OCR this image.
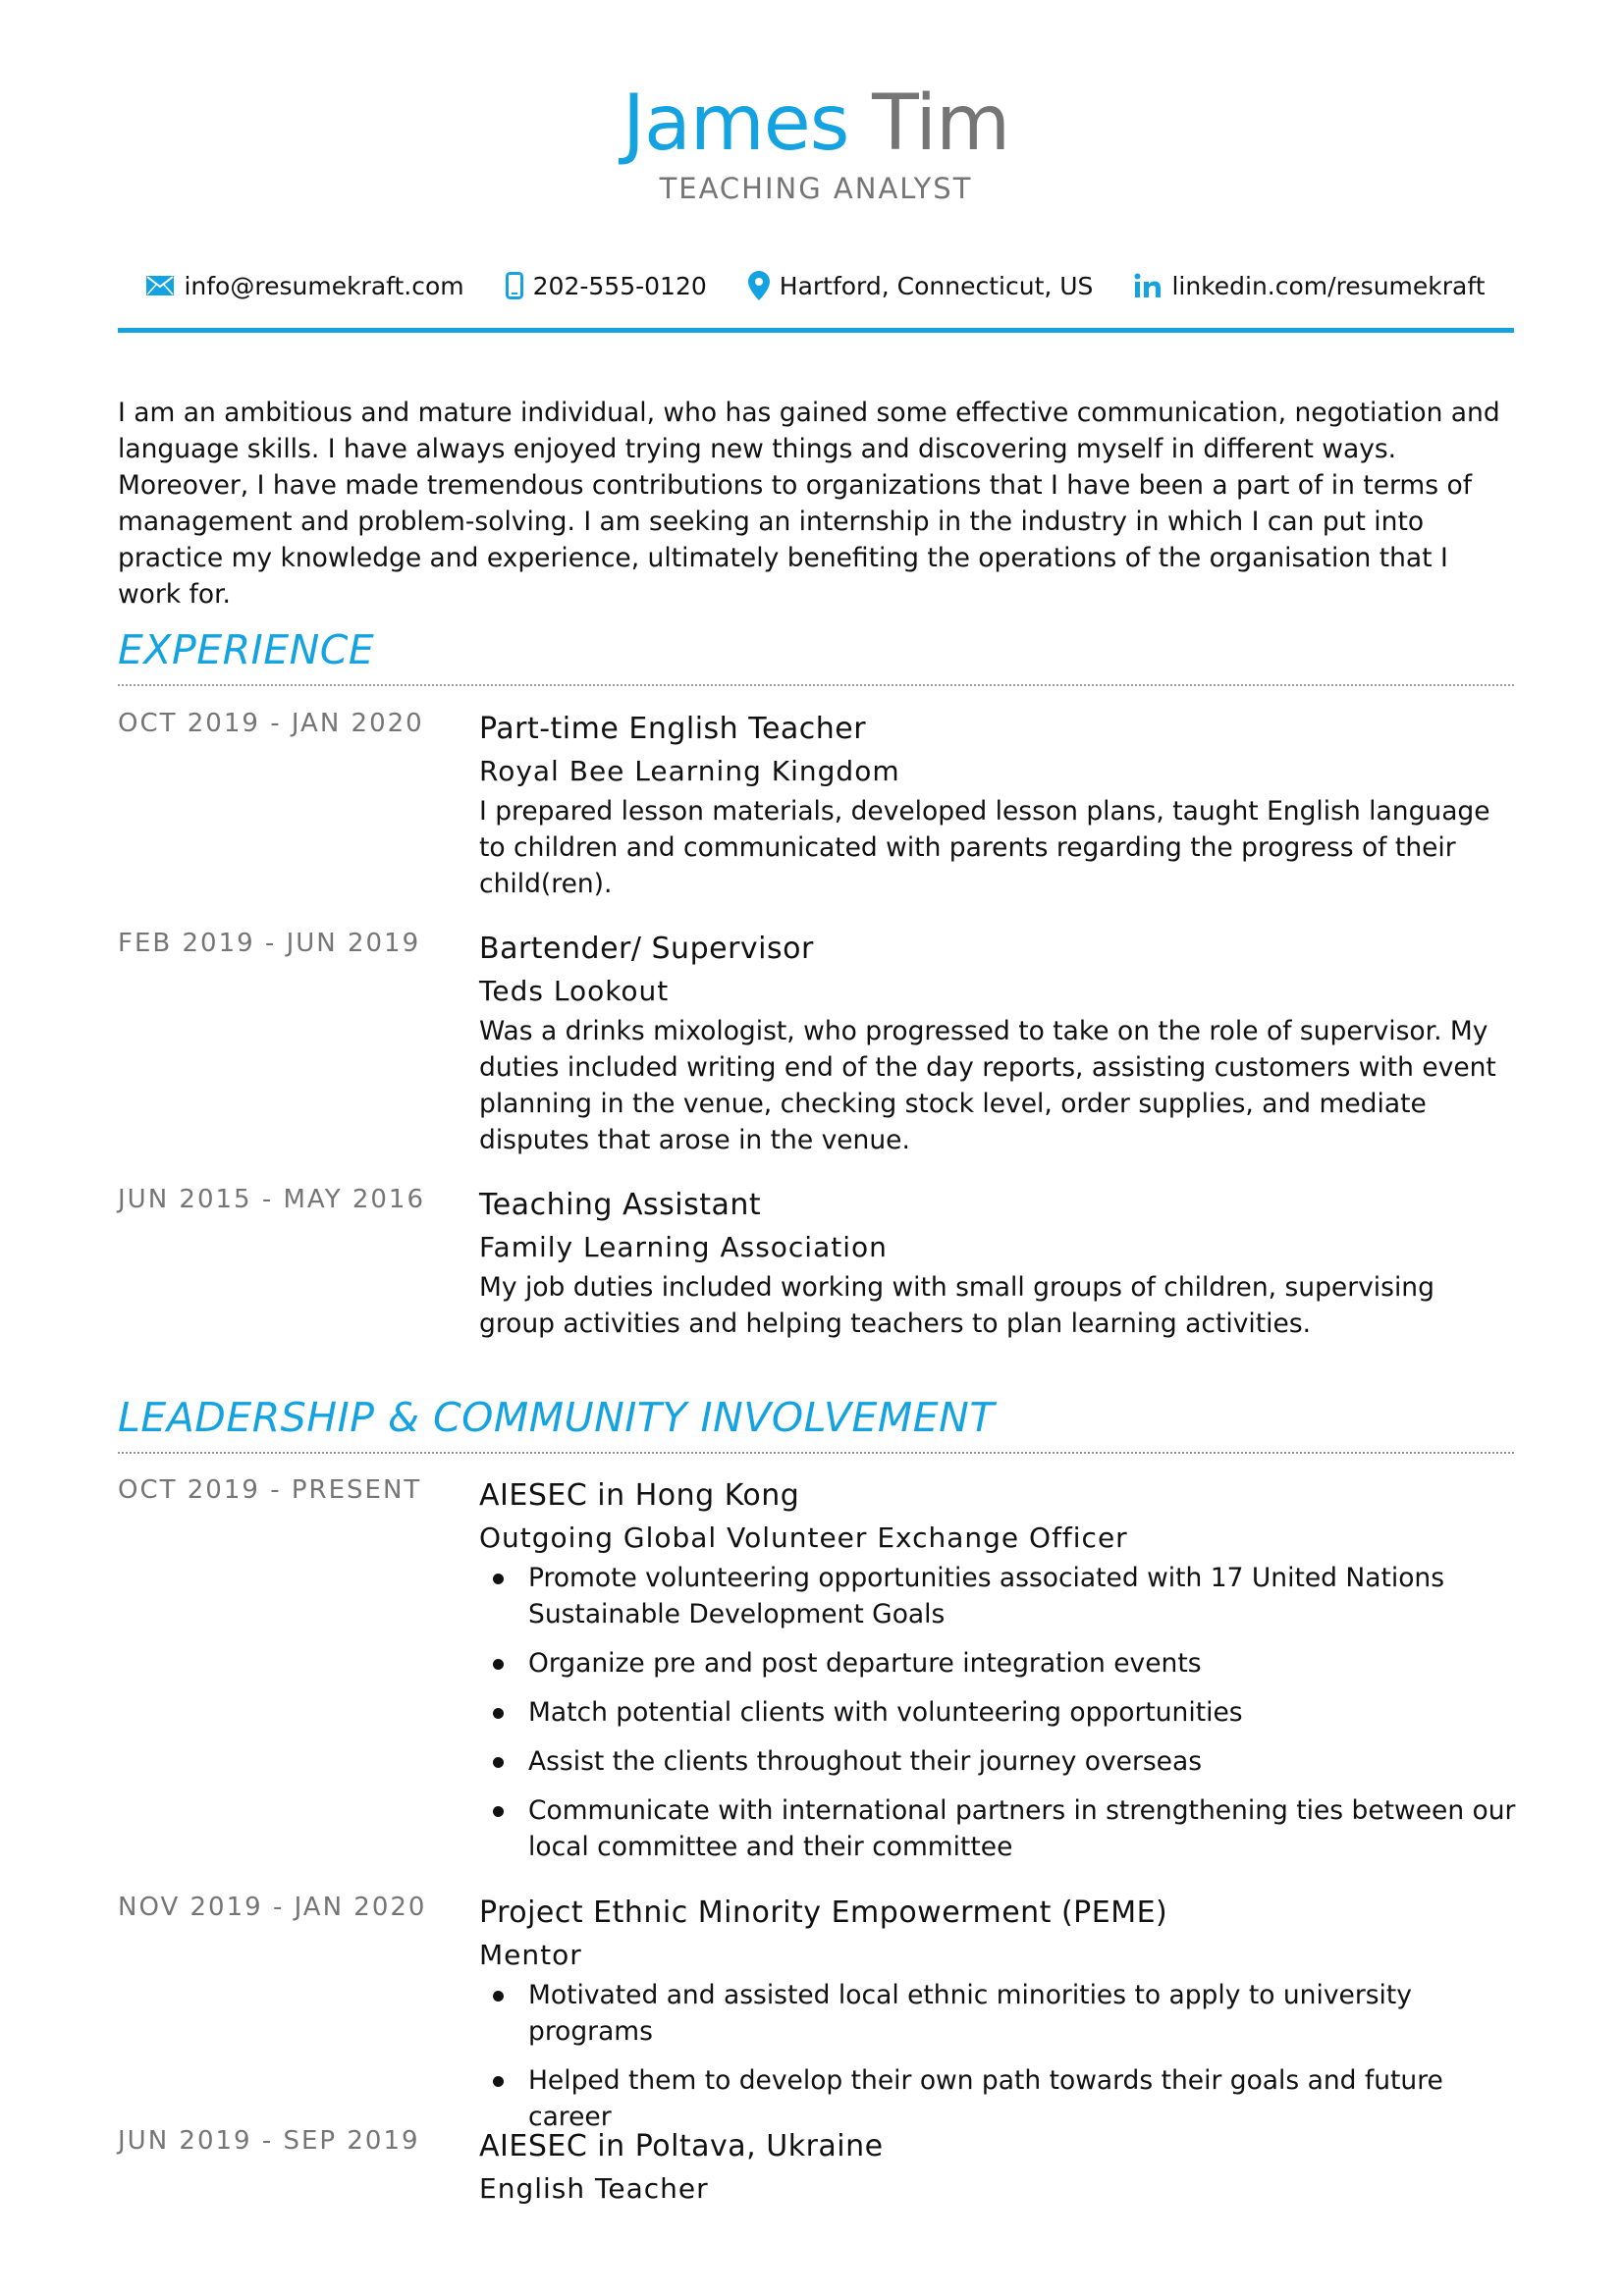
James Tim
TEACHING ANALYST
info@resumekraft.com	202-555-0120	Hartford, Connecticut, US	linkedin.com/resumekraft
I am an ambitious and mature individual, who has gained some effective communication, negotiation and language skills. I have always enjoyed trying new things and discovering myself in different ways. Moreover, I have made tremendous contributions to organizations that I have been a part of in terms of management and problem-solving. I am seeking an internship in the industry in which I can put into practice my knowledge and experience, ultimately benefiting the operations of the organisation that I work for.
EXPERIENCE
OCT 2019 - JAN 2020	Part-time English Teacher
Royal Bee Learning Kingdom
I prepared lesson materials, developed lesson plans, taught English language to children and communicated with parents regarding the progress of their child(ren).
FEB 2019 - JUN 2019	Bartender/ Supervisor
Teds Lookout
Was a drinks mixologist, who progressed to take on the role of supervisor. My duties included writing end of the day reports, assisting customers with event planning in the venue, checking stock level, order supplies, and mediate disputes that arose in the venue.
JUN 2015 - MAY 2016	Teaching Assistant
Family Learning Association
My job duties included working with small groups of children, supervising group activities and helping teachers to plan learning activities.
LEADERSHIP & COMMUNITY INVOLVEMENT
OCT 2019 - PRESENT	AIESEC in Hong Kong
Outgoing Global Volunteer Exchange Officer
Promote volunteering opportunities associated with 17 United Nations Sustainable Development Goals
Organize pre and post departure integration events
Match potential clients with volunteering opportunities
Assist the clients throughout their journey overseas
Communicate with international partners in strengthening ties between our local committee and their committee
NOV 2019 - JAN 2020	Project Ethnic Minority Empowerment (PEME)
Mentor
Motivated and assisted local ethnic minorities to apply to university programs
Helped them to develop their own path towards their goals and future career
JUN 2019 - SEP 2019	AIESEC in Poltava, Ukraine
English Teacher
